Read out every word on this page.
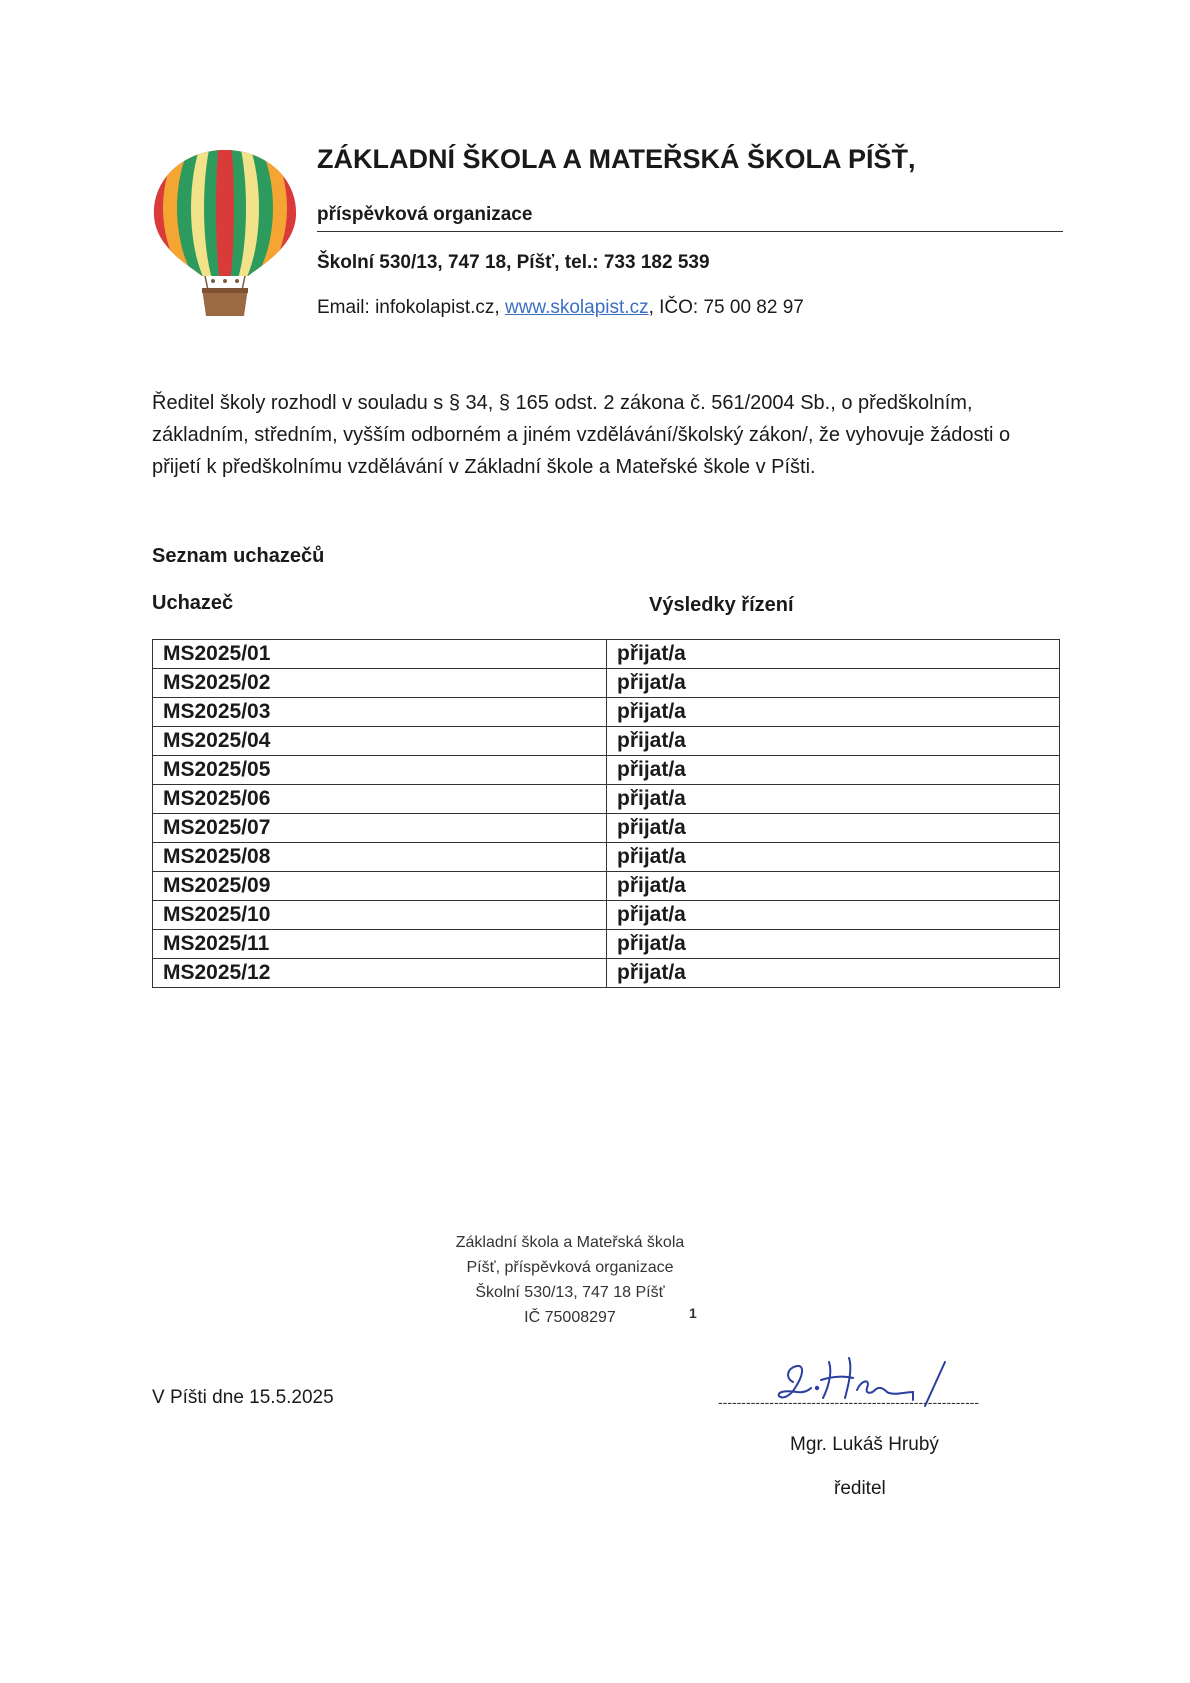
ZÁKLADNÍ ŠKOLA A MATEŘSKÁ ŠKOLA PÍŠŤ,
příspěvková organizace
Školní 530/13, 747 18, Píšť, tel.: 733 182 539
Email: infokolapist.cz, www.skolapist.cz, IČO: 75 00 82 97
Ředitel školy rozhodl v souladu s § 34, § 165 odst. 2 zákona č. 561/2004 Sb., o předškolním, základním, středním, vyšším odborném a jiném vzdělávání/školský zákon/, že vyhovuje žádosti o přijetí k předškolnímu vzdělávání v Základní škole a Mateřské škole v Píšti.
Seznam uchazečů
Uchazeč	Výsledky řízení
MS2025/01	přijat/a
MS2025/02	přijat/a
MS2025/03	přijat/a
MS2025/04	přijat/a
MS2025/05	přijat/a
MS2025/06	přijat/a
MS2025/07	přijat/a
MS2025/08	přijat/a
MS2025/09	přijat/a
MS2025/10	přijat/a
MS2025/11	přijat/a
MS2025/12	přijat/a
Základní škola a Mateřská škola
Píšť, příspěvková organizace
Školní 530/13, 747 18 Píšť
IČ 75008297	1
V Píšti dne 15.5.2025	--------------------------------------------------------
Mgr. Lukáš Hrubý
ředitel
